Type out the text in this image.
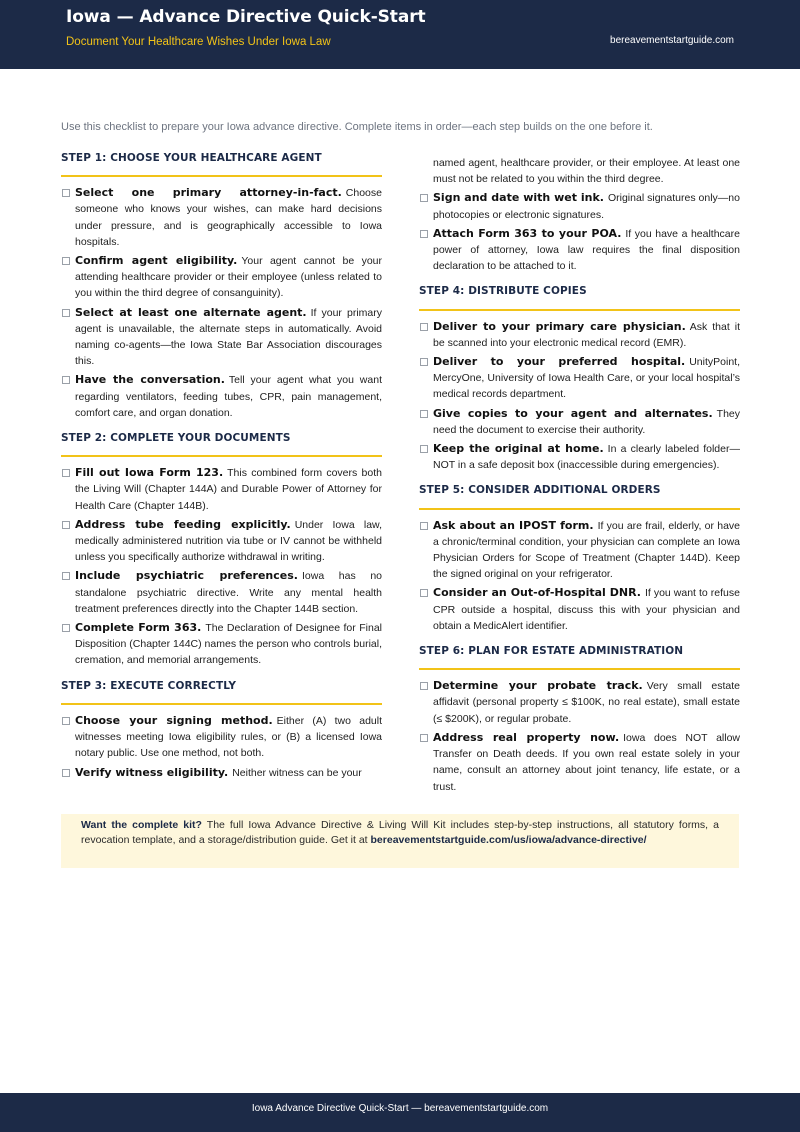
Iowa — Advance Directive Quick-Start
Document Your Healthcare Wishes Under Iowa Law	bereavementstartguide.com
Use this checklist to prepare your Iowa advance directive. Complete items in order—each step builds on the one before it.
STEP 1: CHOOSE YOUR HEALTHCARE AGENT
Select one primary attorney-in-fact. Choose someone who knows your wishes, can make hard decisions under pressure, and is geographically accessible to Iowa hospitals.
Confirm agent eligibility. Your agent cannot be your attending healthcare provider or their employee (unless related to you within the third degree of consanguinity).
Select at least one alternate agent. If your primary agent is unavailable, the alternate steps in automatically. Avoid naming co-agents—the Iowa State Bar Association discourages this.
Have the conversation. Tell your agent what you want regarding ventilators, feeding tubes, CPR, pain management, comfort care, and organ donation.
STEP 2: COMPLETE YOUR DOCUMENTS
Fill out Iowa Form 123. This combined form covers both the Living Will (Chapter 144A) and Durable Power of Attorney for Health Care (Chapter 144B).
Address tube feeding explicitly. Under Iowa law, medically administered nutrition via tube or IV cannot be withheld unless you specifically authorize withdrawal in writing.
Include psychiatric preferences. Iowa has no standalone psychiatric directive. Write any mental health treatment preferences directly into the Chapter 144B section.
Complete Form 363. The Declaration of Designee for Final Disposition (Chapter 144C) names the person who controls burial, cremation, and memorial arrangements.
STEP 3: EXECUTE CORRECTLY
Choose your signing method. Either (A) two adult witnesses meeting Iowa eligibility rules, or (B) a licensed Iowa notary public. Use one method, not both.
Verify witness eligibility. Neither witness can be your
named agent, healthcare provider, or their employee. At least one must not be related to you within the third degree.
Sign and date with wet ink. Original signatures only—no photocopies or electronic signatures.
Attach Form 363 to your POA. If you have a healthcare power of attorney, Iowa law requires the final disposition declaration to be attached to it.
STEP 4: DISTRIBUTE COPIES
Deliver to your primary care physician. Ask that it be scanned into your electronic medical record (EMR).
Deliver to your preferred hospital. UnityPoint, MercyOne, University of Iowa Health Care, or your local hospital’s medical records department.
Give copies to your agent and alternates. They need the document to exercise their authority.
Keep the original at home. In a clearly labeled folder—NOT in a safe deposit box (inaccessible during emergencies).
STEP 5: CONSIDER ADDITIONAL ORDERS
Ask about an IPOST form. If you are frail, elderly, or have a chronic/terminal condition, your physician can complete an Iowa Physician Orders for Scope of Treatment (Chapter 144D). Keep the signed original on your refrigerator.
Consider an Out-of-Hospital DNR. If you want to refuse CPR outside a hospital, discuss this with your physician and obtain a MedicAlert identifier.
STEP 6: PLAN FOR ESTATE ADMINISTRATION
Determine your probate track. Very small estate affidavit (personal property ≤ $100K, no real estate), small estate (≤ $200K), or regular probate.
Address real property now. Iowa does NOT allow Transfer on Death deeds. If you own real estate solely in your name, consult an attorney about joint tenancy, life estate, or a trust.
Want the complete kit? The full Iowa Advance Directive & Living Will Kit includes step-by-step instructions, all statutory forms, a revocation template, and a storage/distribution guide. Get it at bereavementstartguide.com/us/iowa/advance-directive/
Iowa Advance Directive Quick-Start — bereavementstartguide.com
